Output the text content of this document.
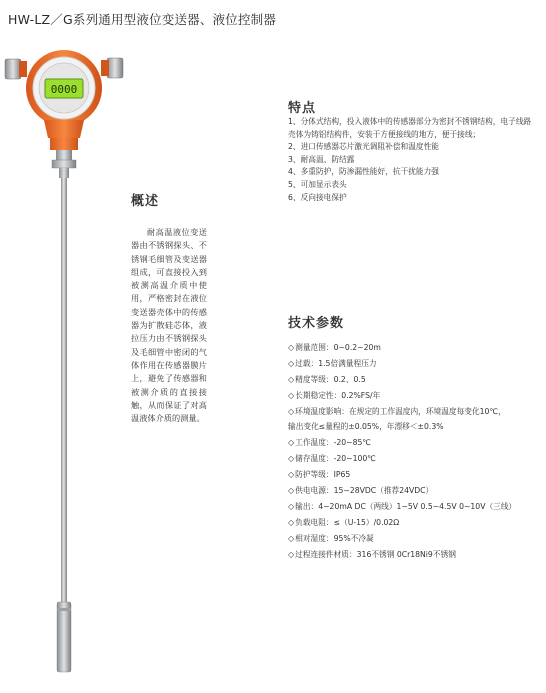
HW-LZ／G系列通用型液位变送器、液位控制器
0000
概述
耐高温液位变送器由不锈钢探头、不锈钢毛细管及变送器组成，可直接投入到被测高温介质中使用，严格密封在液位变送器壳体中的传感器为扩散硅芯体，液拉压力由不锈钢探头及毛细管中密闭的气体作用在传感器膜片上，避免了传感器和被测介质的直接接触，从而保证了对高温液体介质的测量。
特点
1、分体式结构，投入液体中的传感器部分为密封不锈钢结构，电子线路壳体为铸铝结构件，安装于方便接线的地方，便于接线；
2、进口传感器芯片激光调阻补偿和温度性能
3、耐高温、防结露
4、多重防护，防渗漏性能好，抗干扰能力强
5、可加显示表头
6、反向接电保护
技术参数
◇ 测量范围：0~0.2~20m
◇ 过载：1.5倍满量程压力
◇ 精度等级：0.2、0.5
◇ 长期稳定性：0.2%FS/年
◇ 环境温度影响：在规定的工作温度内，环境温度每变化10℃，
输出变化≤量程的±0.05%，年漂移＜±0.3%
◇ 工作温度：-20~85℃
◇ 储存温度：-20~100℃
◇ 防护等级：IP65
◇ 供电电源：15~28VDC（推荐24VDC）
◇ 输出：4~20mA DC（两线）1~5V 0.5~4.5V 0~10V（三线）
◇ 负载电阻：≤（U-15）/0.02Ω
◇ 相对湿度：95%不冷凝
◇ 过程连接件材质：316不锈钢 0Cr18Ni9不锈钢
